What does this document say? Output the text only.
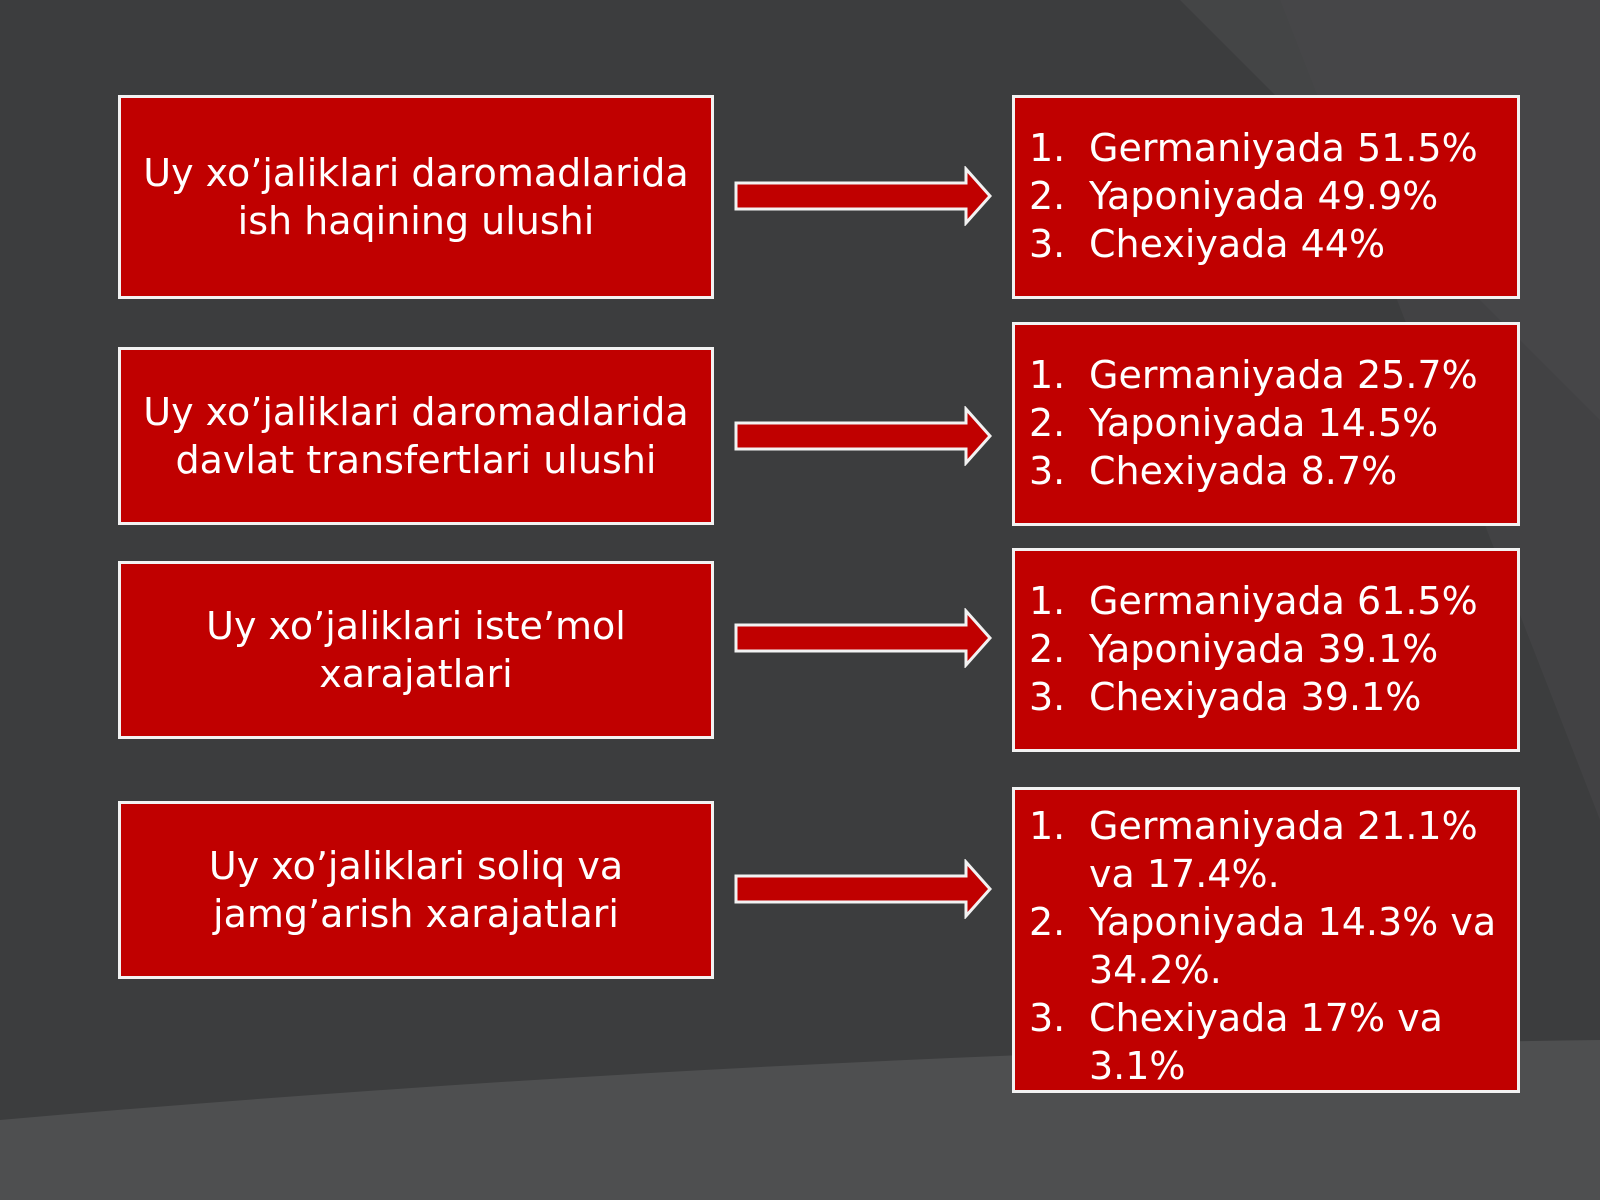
Uy xo’jaliklari daromadlarida
ish haqining ulushi
1. Germaniyada 51.5%
2. Yaponiyada 49.9%
3. Chexiyada 44%
Uy xo’jaliklari daromadlarida
davlat transfertlari ulushi
1. Germaniyada 25.7%
2. Yaponiyada 14.5%
3. Chexiyada 8.7%
Uy xo’jaliklari iste’mol
xarajatlari
1. Germaniyada 61.5%
2. Yaponiyada 39.1%
3. Chexiyada 39.1%
Uy xo’jaliklari soliq va
jamg’arish xarajatlari
1. Germaniyada 21.1% va 17.4%.
2. Yaponiyada 14.3% va 34.2%.
3. Chexiyada 17% va 3.1%
